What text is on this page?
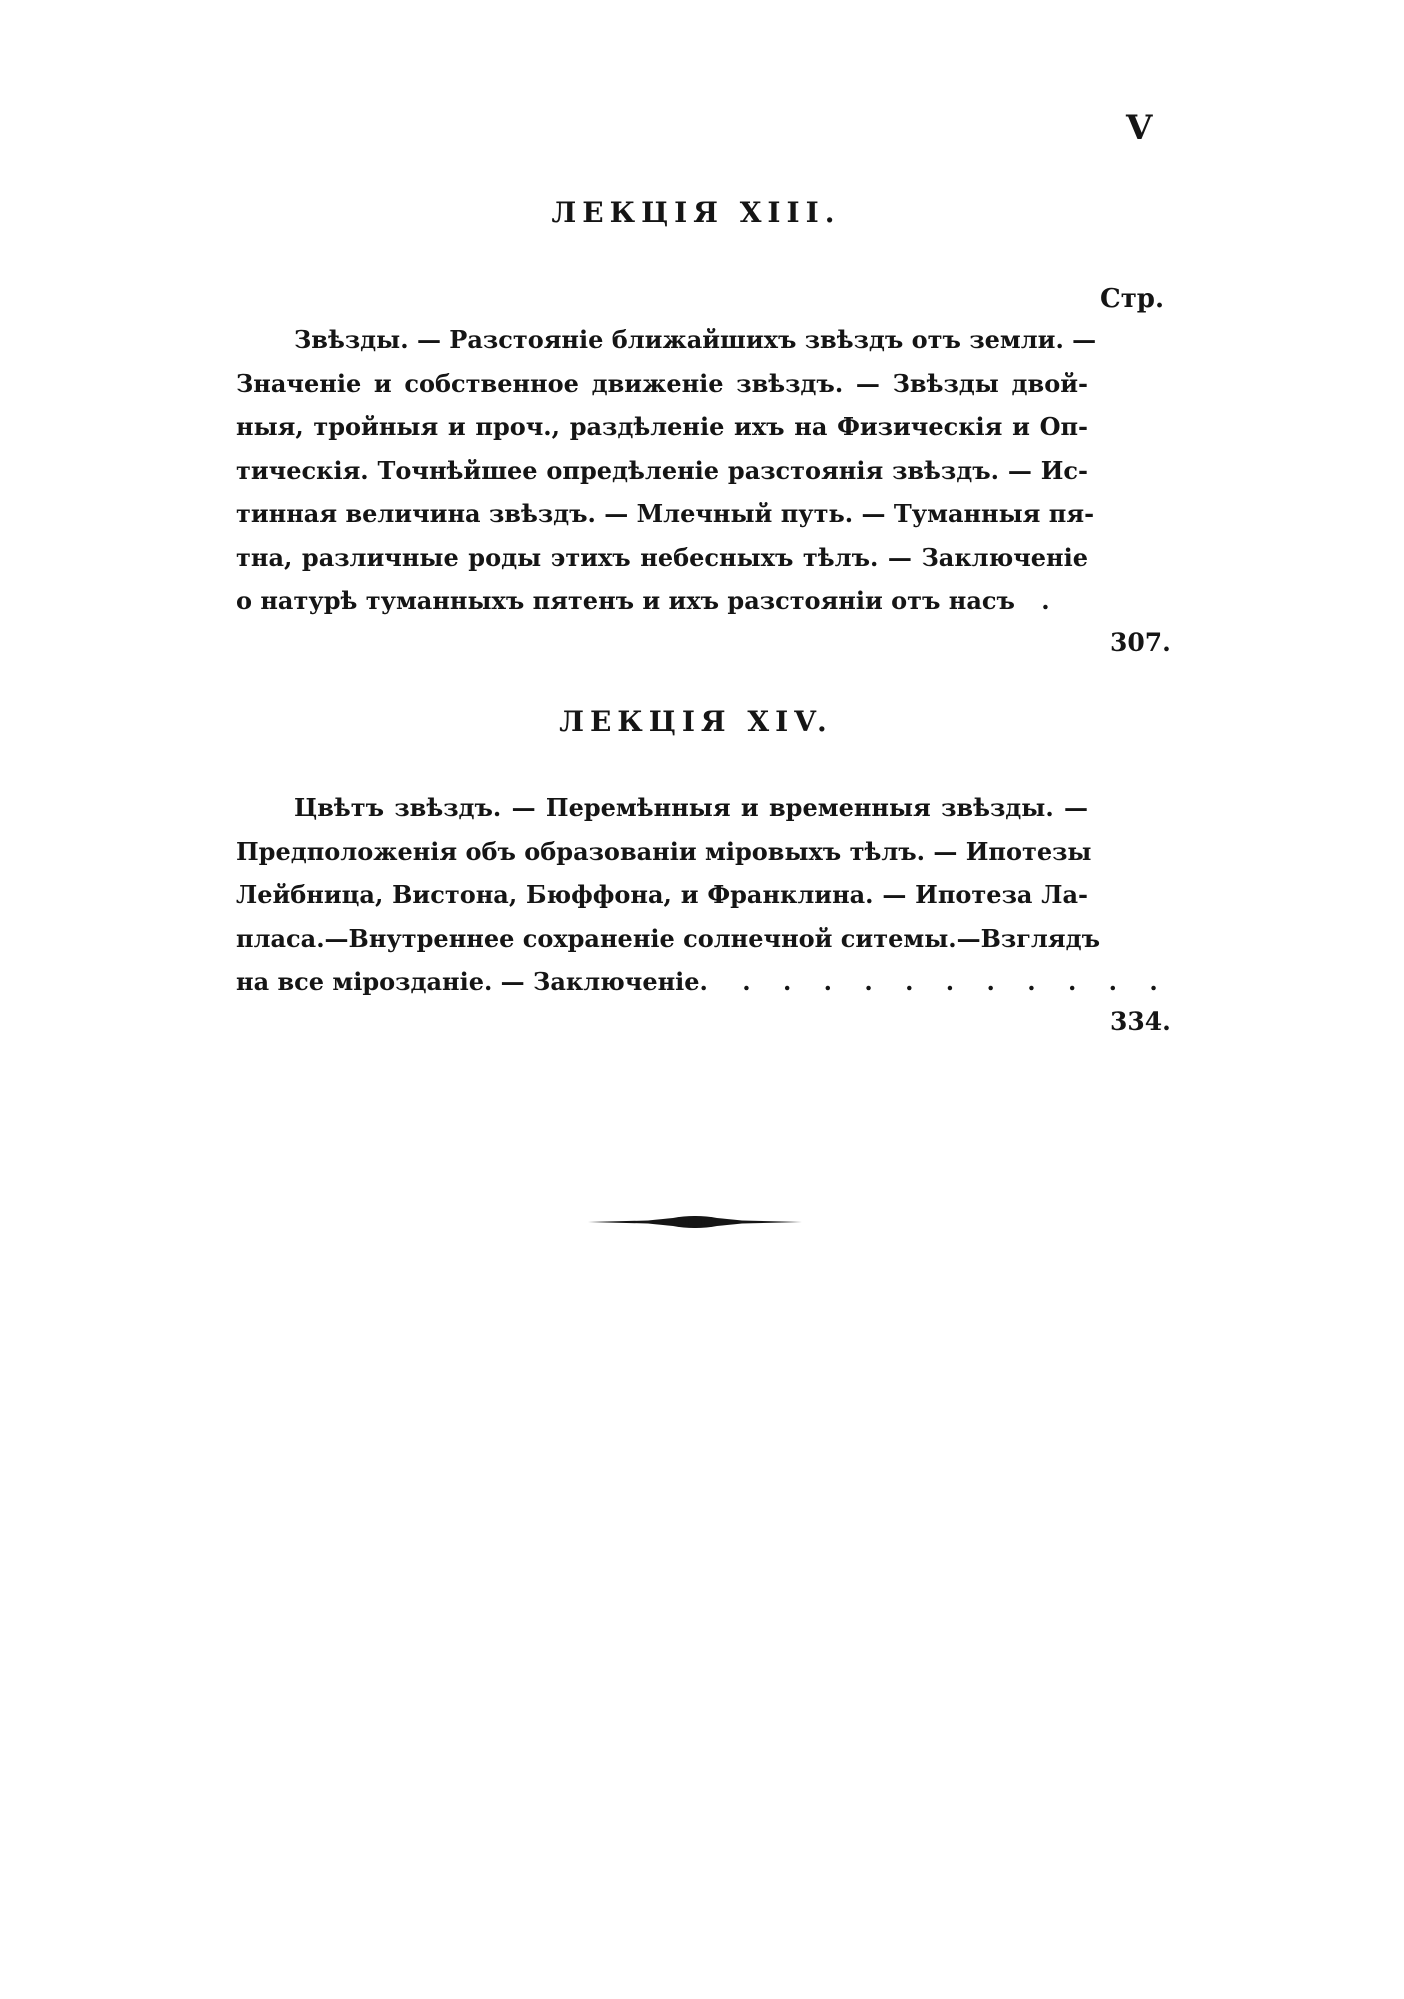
V
ЛЕКЦІЯ XIII.
Стр.
Звѣзды. — Разстояніе ближайшихъ звѣздъ отъ земли. —
Значеніе и собственное движеніе звѣздъ. — Звѣзды двой-
ныя, тройныя и проч., раздѣленіе ихъ на Физическія и Оп-
тическія. Точнѣйшее опредѣленіе разстоянія звѣздъ. — Ис-
тинная величина звѣздъ. — Млечный путь. — Туманныя пя-
тна, различные роды этихъ небесныхъ тѣлъ. — Заключеніе
о натурѣ туманныхъ пятенъ и ихъ разстояніи отъ насъ .
307.
ЛЕКЦІЯ XIV.
Цвѣтъ звѣздъ. — Перемѣнныя и временныя звѣзды. —
Предположенія объ образованіи міровыхъ тѣлъ. — Ипотезы
Лейбница, Вистона, Бюффона, и Франклина. — Ипотеза Ла-
пласа.—Внутреннее сохраненіе солнечной ситемы.—Взглядъ
на все мірозданіе. — Заключеніе. . . . . . . . . . . .
334.
